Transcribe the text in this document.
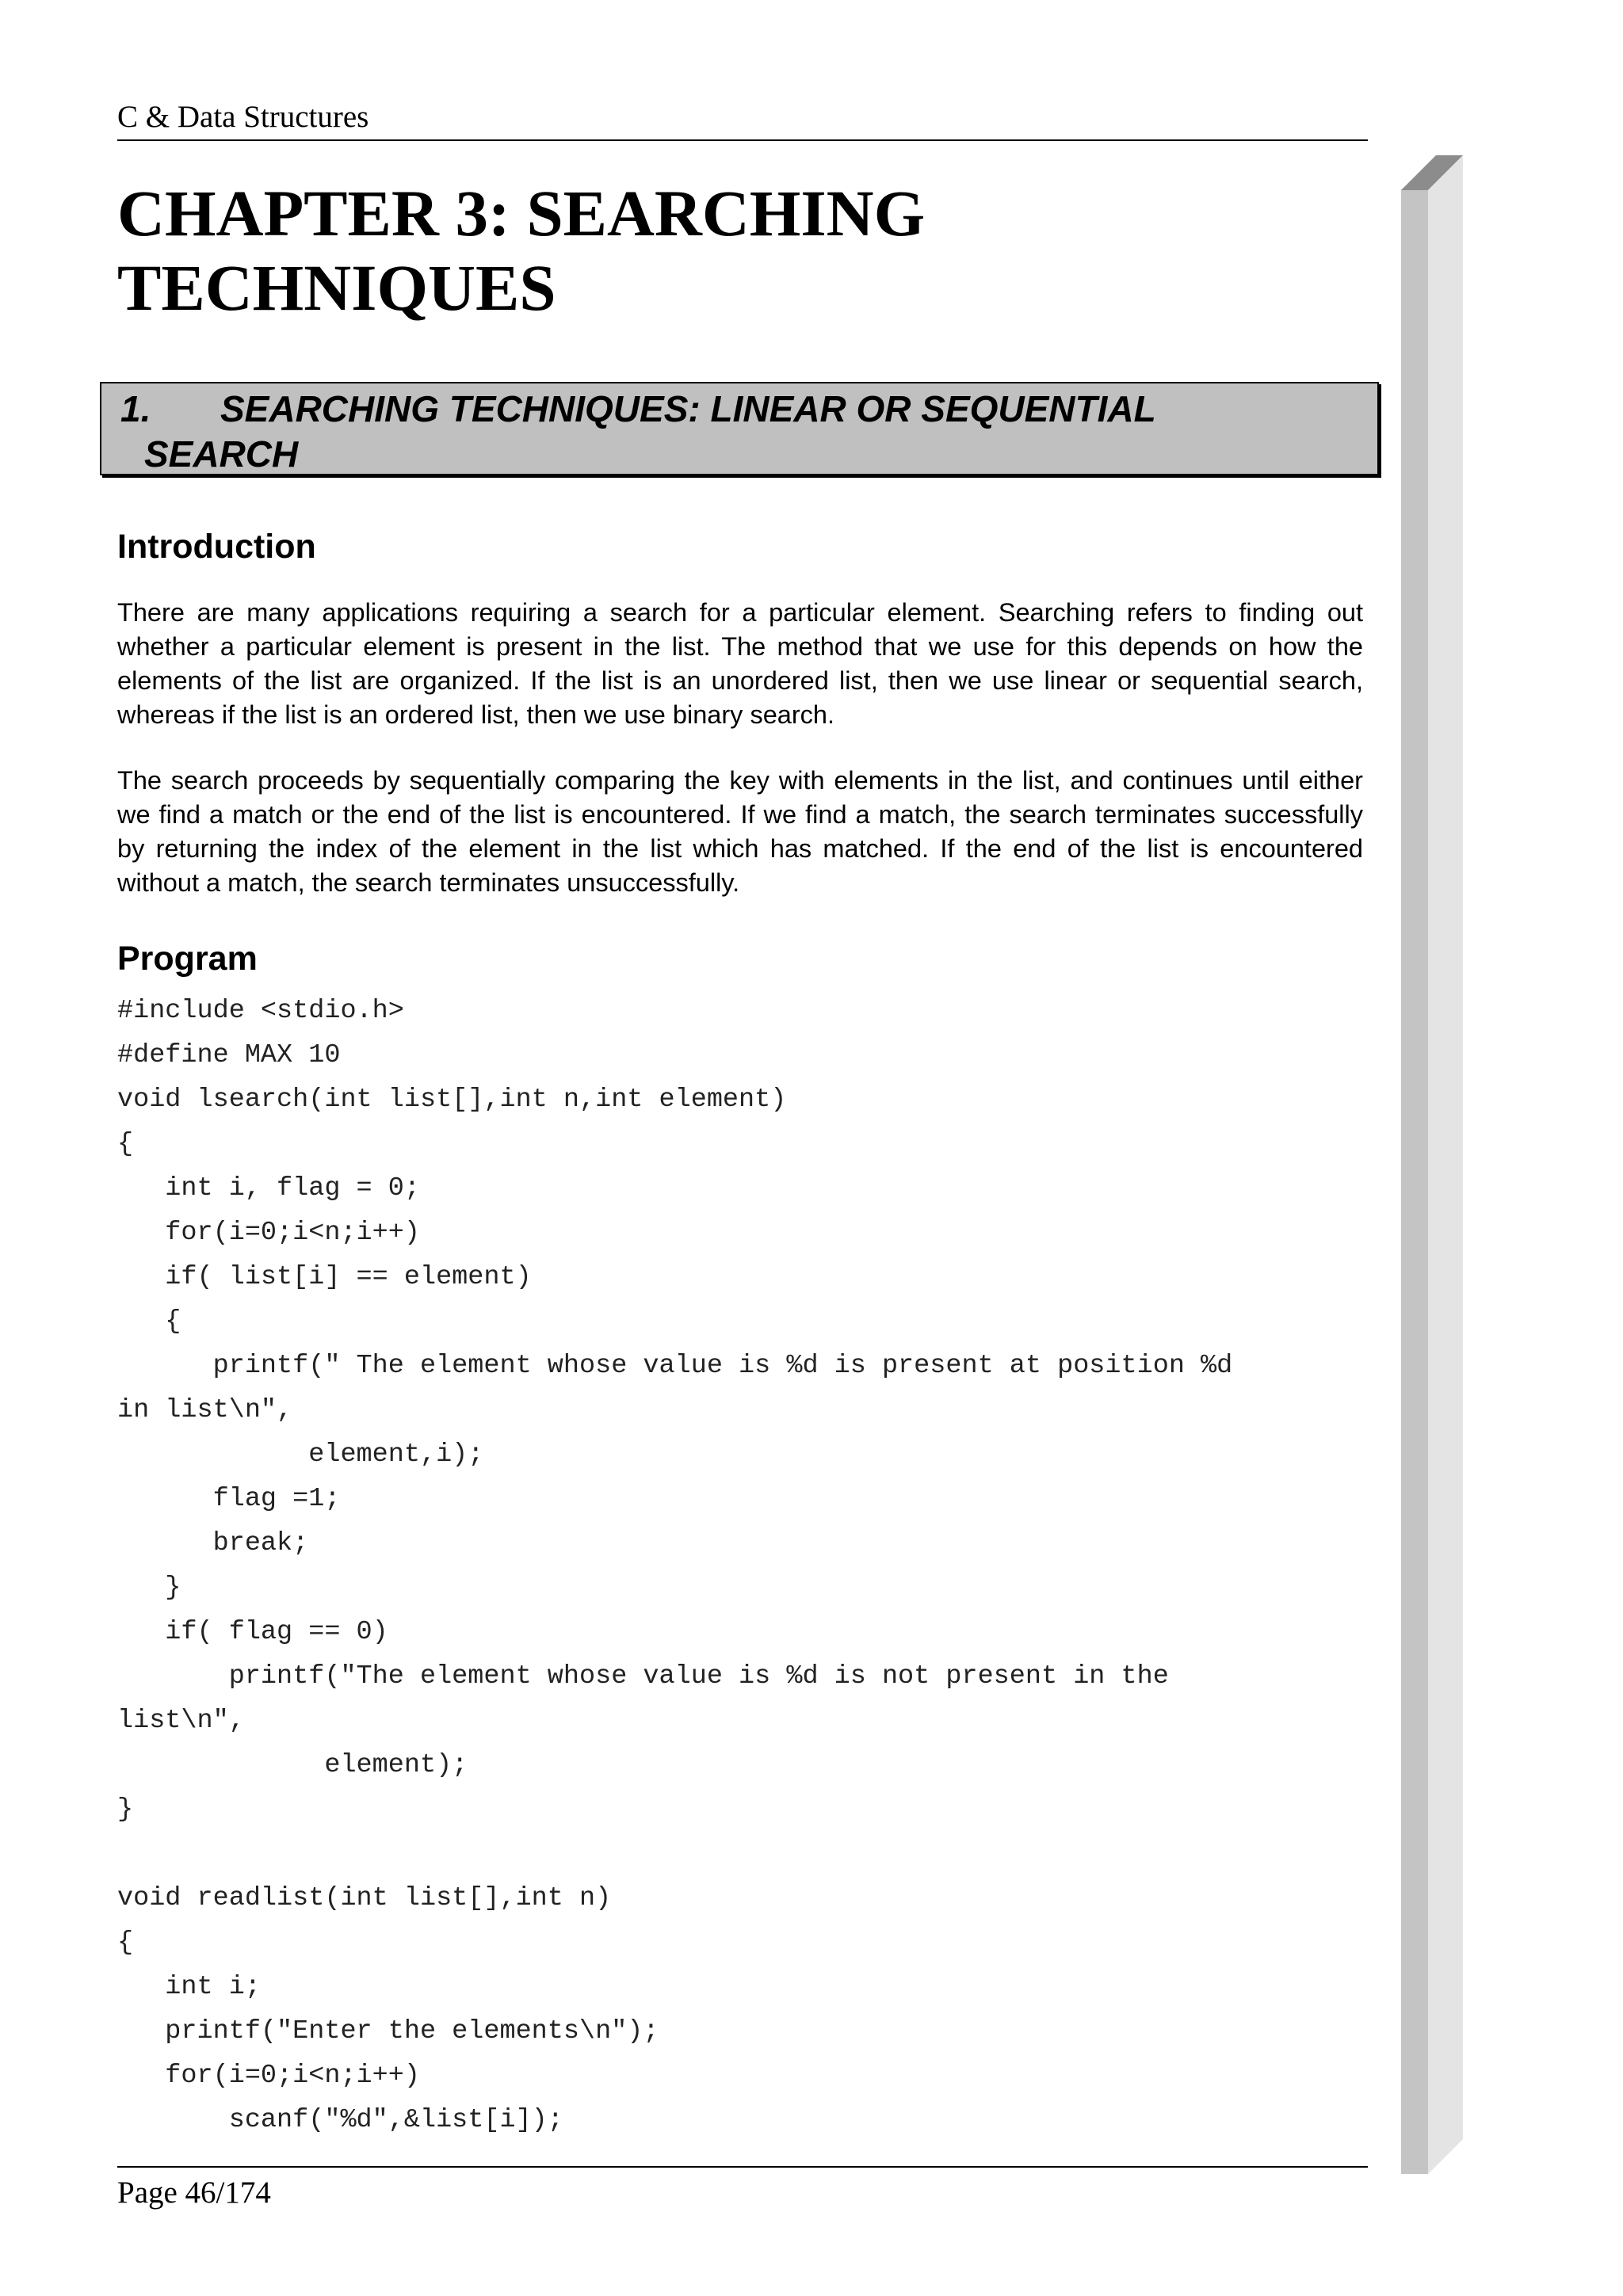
C & Data Structures
CHAPTER 3: SEARCHING
TECHNIQUES
1. SEARCHING TECHNIQUES: LINEAR OR SEQUENTIAL
SEARCH
Introduction

There are many applications requiring a search for a particular element. Searching refers to finding out whether a particular element is present in the list. The method that we use for this depends on how the elements of the list are organized. If the list is an unordered list, then we use linear or sequential search, whereas if the list is an ordered list, then we use binary search.

The search proceeds by sequentially comparing the key with elements in the list, and continues until either we find a match or the end of the list is encountered. If we find a match, the search terminates successfully by returning the index of the element in the list which has matched. If the end of the list is encountered without a match, the search terminates unsuccessfully.

Program
#include <stdio.h>
#define MAX 10
void lsearch(int list[],int n,int element)
{
int i, flag = 0;
for(i=0;i<n;i++)
if( list[i] == element)
{
printf(" The element whose value is %d is present at position %d
in list\n",
element,i);
flag =1;
break;
}
if( flag == 0)
printf("The element whose value is %d is not present in the
list\n",
element);
}
void readlist(int list[],int n)
{
int i;
printf("Enter the elements\n");
for(i=0;i<n;i++)
scanf("%d",&list[i]);
Page 46/174
